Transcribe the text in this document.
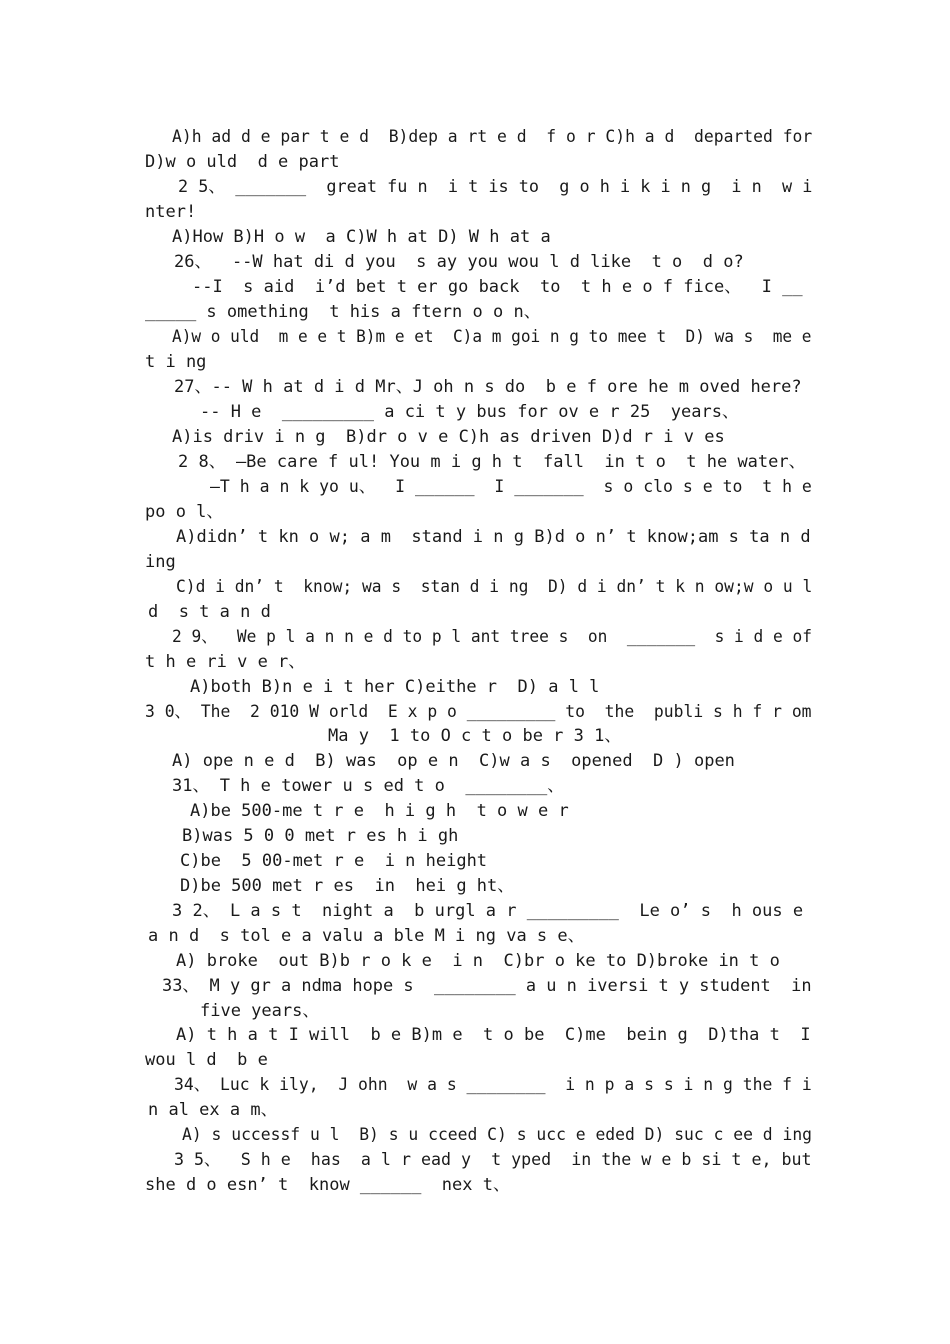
A)h ad d e par t e d  B)dep a rt e d  f o r C)h a d  departed for
D)w o uld  d e part
2 5、 _______  great fu n  i t is to  g o h i k i n g  i n  w i
nter!
A)How B)H o w  a C)W h at D) W h at a
26、  --W hat di d you  s ay you wou l d like  t o  d o?
--I  s aid  i’d bet t er go back  to  t h e o f fice、  I __
_____ s omething  t his a ftern o o n、
A)w o uld  m e e t B)m e et  C)a m goi n g to mee t  D) wa s  me e
t i ng
27、-- W h at d i d Mr、J oh n s do  b e f ore he m oved here?
-- H e  _________ a ci t y bus for ov e r 25  years、
A)is driv i n g  B)dr o v e C)h as driven D)d r i v es
2 8、 —Be care f ul! You m i g h t  fall  in t o  t he water、
—T h a n k yo u、  I ______  I _______  s o clo s e to  t h e
po o l、
A)didn’ t kn o w; a m  stand i n g B)d o n’ t know;am s ta n d
ing
C)d i dn’ t  know; wa s  stan d i ng  D) d i dn’ t k n ow;w o u l
d  s t a n d
2 9、  We p l a n n e d to p l ant tree s  on  _______  s i d e of
t h e ri v e r、
A)both B)n e i t her C)eithe r  D) a l l
3 0、 The  2 010 W orld  E x p o _________ to  the  publi s h f r om
Ma y  1 to O c t o be r 3 1、
A) ope n e d  B) was  op e n  C)w a s  opened  D ) open
31、 T h e tower u s ed t o  ________、
A)be 500-me t r e  h i g h  t o w e r
B)was 5 0 0 met r es h i gh
C)be  5 00-met r e  i n height
D)be 500 met r es  in  hei g ht、
3 2、 L a s t  night a  b urgl a r _________  Le o’ s  h ous e
a n d  s tol e a valu a ble M i ng va s e、
A) broke  out B)b r o k e  i n  C)br o ke to D)broke in t o
33、 M y gr a ndma hope s  ________ a u n iversi t y student  in
five years、
A) t h a t I will  b e B)m e  t o be  C)me  bein g  D)tha t  I
wou l d  b e
34、 Luc k ily,  J ohn  w a s ________  i n p a s s i n g the f i
n al ex a m、
A) s uccessf u l  B) s u cceed C) s ucc e eded D) suc c ee d ing
3 5、  S h e  has  a l r ead y  t yped  in the w e b si t e, but
she d o esn’ t  know ______  nex t、
